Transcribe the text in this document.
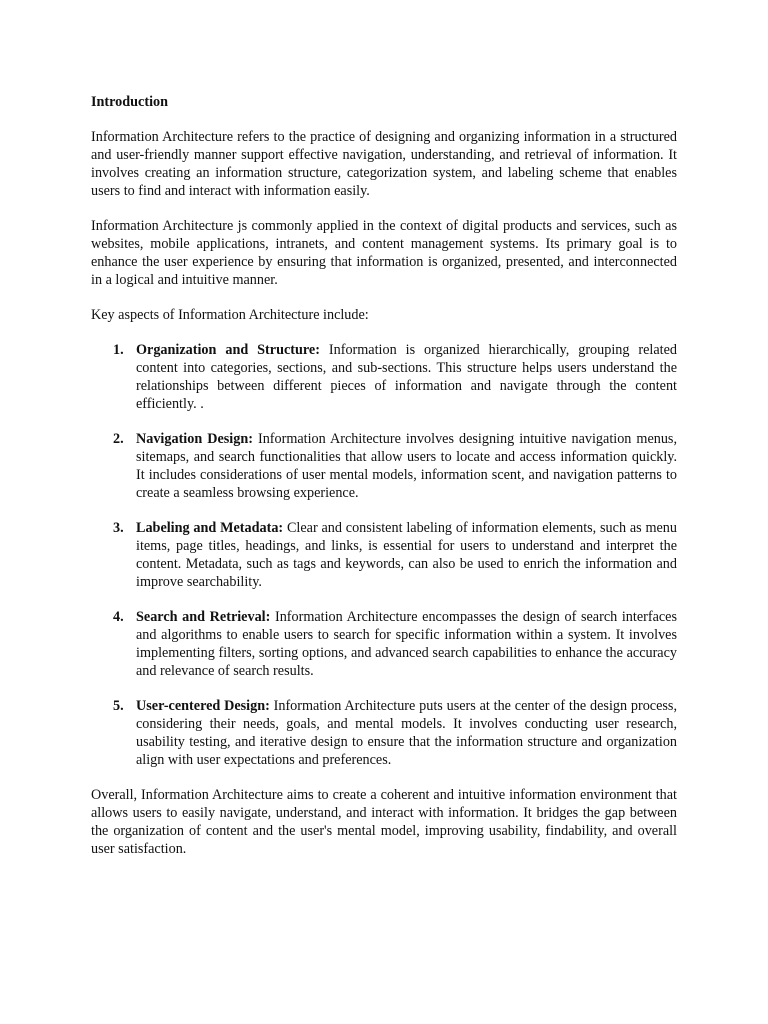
Introduction

Information Architecture refers to the practice of designing and organizing information in a structured and user-friendly manner support effective navigation, understanding, and retrieval of information. It involves creating an information structure, categorization system, and labeling scheme that enables users to find and interact with information easily.

Information Architecture js commonly applied in the context of digital products and services, such as websites, mobile applications, intranets, and content management systems. Its primary goal is to enhance the user experience by ensuring that information is organized, presented, and interconnected in a logical and intuitive manner.

Key aspects of Information Architecture include:

1. Organization and Structure: Information is organized hierarchically, grouping related content into categories, sections, and sub-sections. This structure helps users understand the relationships between different pieces of information and navigate through the content efficiently. .
2. Navigation Design: Information Architecture involves designing intuitive navigation menus, sitemaps, and search functionalities that allow users to locate and access information quickly. It includes considerations of user mental models, information scent, and navigation patterns to create a seamless browsing experience.
3. Labeling and Metadata: Clear and consistent labeling of information elements, such as menu items, page titles, headings, and links, is essential for users to understand and interpret the content. Metadata, such as tags and keywords, can also be used to enrich the information and improve searchability.
4. Search and Retrieval: Information Architecture encompasses the design of search interfaces and algorithms to enable users to search for specific information within a system. It involves implementing filters, sorting options, and advanced search capabilities to enhance the accuracy and relevance of search results.
5. User-centered Design: Information Architecture puts users at the center of the design process, considering their needs, goals, and mental models. It involves conducting user research, usability testing, and iterative design to ensure that the information structure and organization align with user expectations and preferences.

Overall, Information Architecture aims to create a coherent and intuitive information environment that allows users to easily navigate, understand, and interact with information. It bridges the gap between the organization of content and the user's mental model, improving usability, findability, and overall user satisfaction.
